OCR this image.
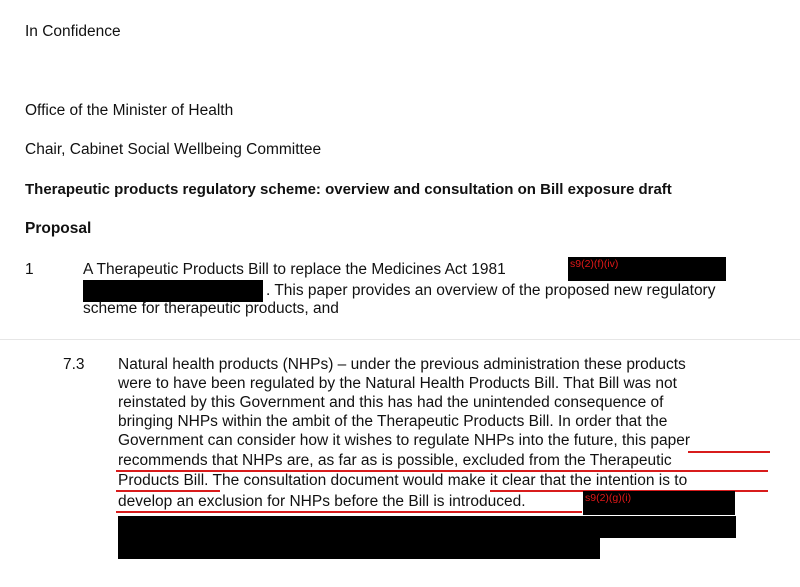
In Confidence
Office of the Minister of Health
Chair, Cabinet Social Wellbeing Committee
Therapeutic products regulatory scheme: overview and consultation on Bill exposure draft
Proposal
1	A Therapeutic Products Bill to replace the Medicines Act 1981	s9(2)(f)(iv)
. This paper provides an overview of the proposed new regulatory
scheme for therapeutic products, and
7.3 Natural health products (NHPs) – under the previous administration these products
were to have been regulated by the Natural Health Products Bill. That Bill was not
reinstated by this Government and this has had the unintended consequence of
bringing NHPs within the ambit of the Therapeutic Products Bill. In order that the
Government can consider how it wishes to regulate NHPs into the future, this paper
recommends that NHPs are, as far as is possible, excluded from the Therapeutic
Products Bill. The consultation document would make it clear that the intention is to
develop an exclusion for NHPs before the Bill is introduced.	s9(2)(g)(i)
